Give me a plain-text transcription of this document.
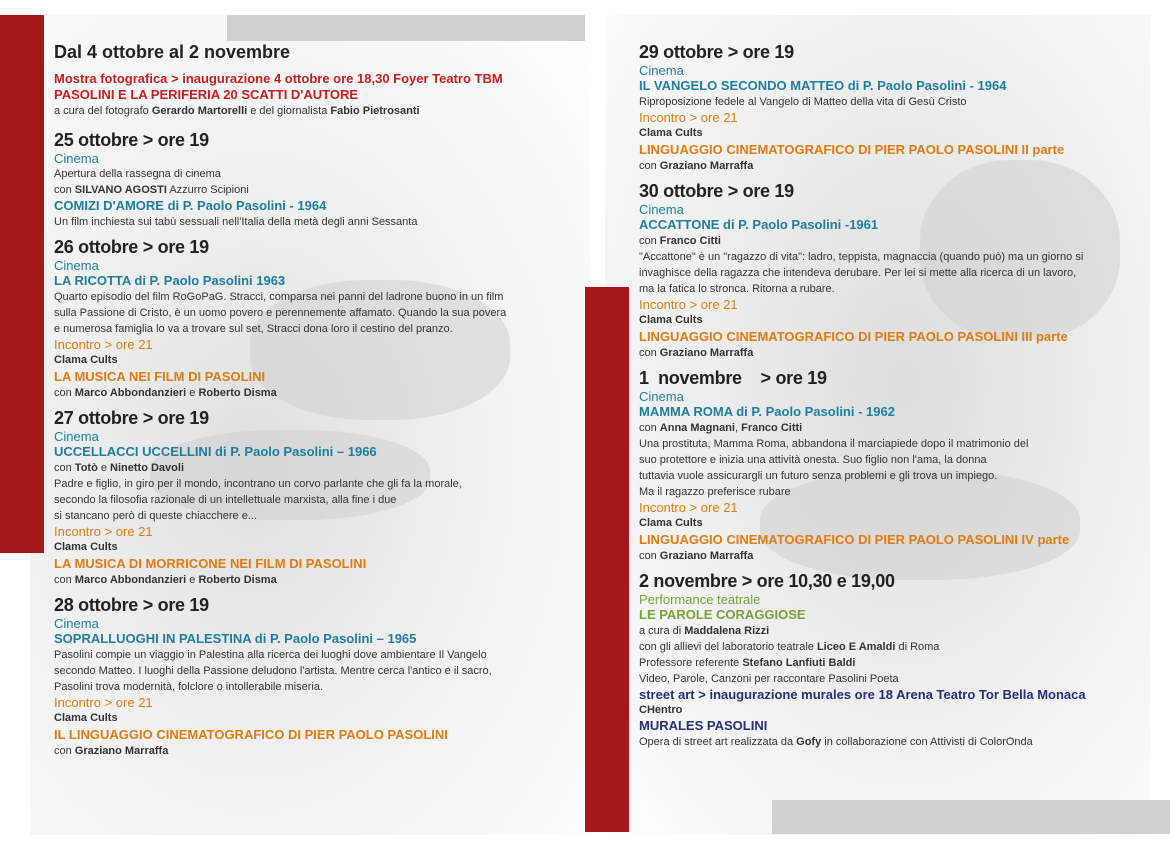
Dal 4 ottobre al 2 novembre
Mostra fotografica > inaugurazione 4 ottobre ore 18,30 Foyer Teatro TBM
PASOLINI E LA PERIFERIA 20 SCATTI D'AUTORE
a cura del fotografo Gerardo Martorelli e del giornalista Fabio Pietrosanti
25 ottobre > ore 19
Cinema
Apertura della rassegna di cinema
con SILVANO AGOSTI Azzurro Scipioni
COMIZI D'AMORE di P. Paolo Pasolini - 1964
Un film inchiesta sui tabù sessuali nell'Italia della metà degli anni Sessanta
26 ottobre > ore 19
Cinema
LA RICOTTA di P. Paolo Pasolini 1963
Quarto episodio del film RoGoPaG. Stracci, comparsa nei panni del ladrone buono in un film
sulla Passione di Cristo, è un uomo povero e perennemente affamato. Quando la sua povera
e numerosa famiglia lo va a trovare sul set, Stracci dona loro il cestino del pranzo.
Incontro > ore 21
Clama Cults
LA MUSICA NEI FILM DI PASOLINI
con Marco Abbondanzieri e Roberto Disma
27 ottobre > ore 19
Cinema
UCCELLACCI UCCELLINI di P. Paolo Pasolini – 1966
con Totò e Ninetto Davoli
Padre e figlio, in giro per il mondo, incontrano un corvo parlante che gli fa la morale,
secondo la filosofia razionale di un intellettuale marxista, alla fine i due
si stancano però di queste chiacchere e...
Incontro > ore 21
Clama Cults
LA MUSICA DI MORRICONE NEI FILM DI PASOLINI
con Marco Abbondanzieri e Roberto Disma
28 ottobre > ore 19
Cinema
SOPRALLUOGHI IN PALESTINA di P. Paolo Pasolini – 1965
Pasolini compie un viaggio in Palestina alla ricerca dei luoghi dove ambientare Il Vangelo
secondo Matteo. I luoghi della Passione deludono l'artista. Mentre cerca l'antico e il sacro,
Pasolini trova modernità, folclore o intollerabile miseria.
Incontro > ore 21
Clama Cults
IL LINGUAGGIO CINEMATOGRAFICO DI PIER PAOLO PASOLINI
con Graziano Marraffa
29 ottobre > ore 19
Cinema
IL VANGELO SECONDO MATTEO di P. Paolo Pasolini - 1964
Riproposizione fedele al Vangelo di Matteo della vita di Gesù Cristo
Incontro > ore 21
Clama Cults
LINGUAGGIO CINEMATOGRAFICO DI PIER PAOLO PASOLINI II parte
con Graziano Marraffa
30 ottobre > ore 19
Cinema
ACCATTONE di P. Paolo Pasolini -1961
con Franco Citti
"Accattone" è un "ragazzo di vita": ladro, teppista, magnaccia (quando può) ma un giorno si
invaghisce della ragazza che intendeva derubare. Per lei si mette alla ricerca di un lavoro,
ma la fatica lo stronca. Ritorna a rubare.
Incontro > ore 21
Clama Cults
LINGUAGGIO CINEMATOGRAFICO DI PIER PAOLO PASOLINI III parte
con Graziano Marraffa
1  novembre    > ore 19
Cinema
MAMMA ROMA di P. Paolo Pasolini - 1962
con Anna Magnani, Franco Citti
Una prostituta, Mamma Roma, abbandona il marciapiede dopo il matrimonio del
suo protettore e inizia una attività onesta. Suo figlio non l'ama, la donna
tuttavia vuole assicurargli un futuro senza problemi e gli trova un impiego.
Ma il ragazzo preferisce rubare
Incontro > ore 21
Clama Cults
LINGUAGGIO CINEMATOGRAFICO DI PIER PAOLO PASOLINI IV parte
con Graziano Marraffa
2 novembre > ore 10,30 e 19,00
Performance teatrale
LE PAROLE CORAGGIOSE
a cura di Maddalena Rizzi
con gli allievi del laboratorio teatrale Liceo E Amaldi di Roma
Professore referente Stefano Lanfiuti Baldi
Video, Parole, Canzoni per raccontare Pasolini Poeta
street art > inaugurazione murales ore 18 Arena Teatro Tor Bella Monaca
CHentro
MURALES PASOLINI
Opera di street art realizzata da Gofy in collaborazione con Attivisti di ColorOnda
